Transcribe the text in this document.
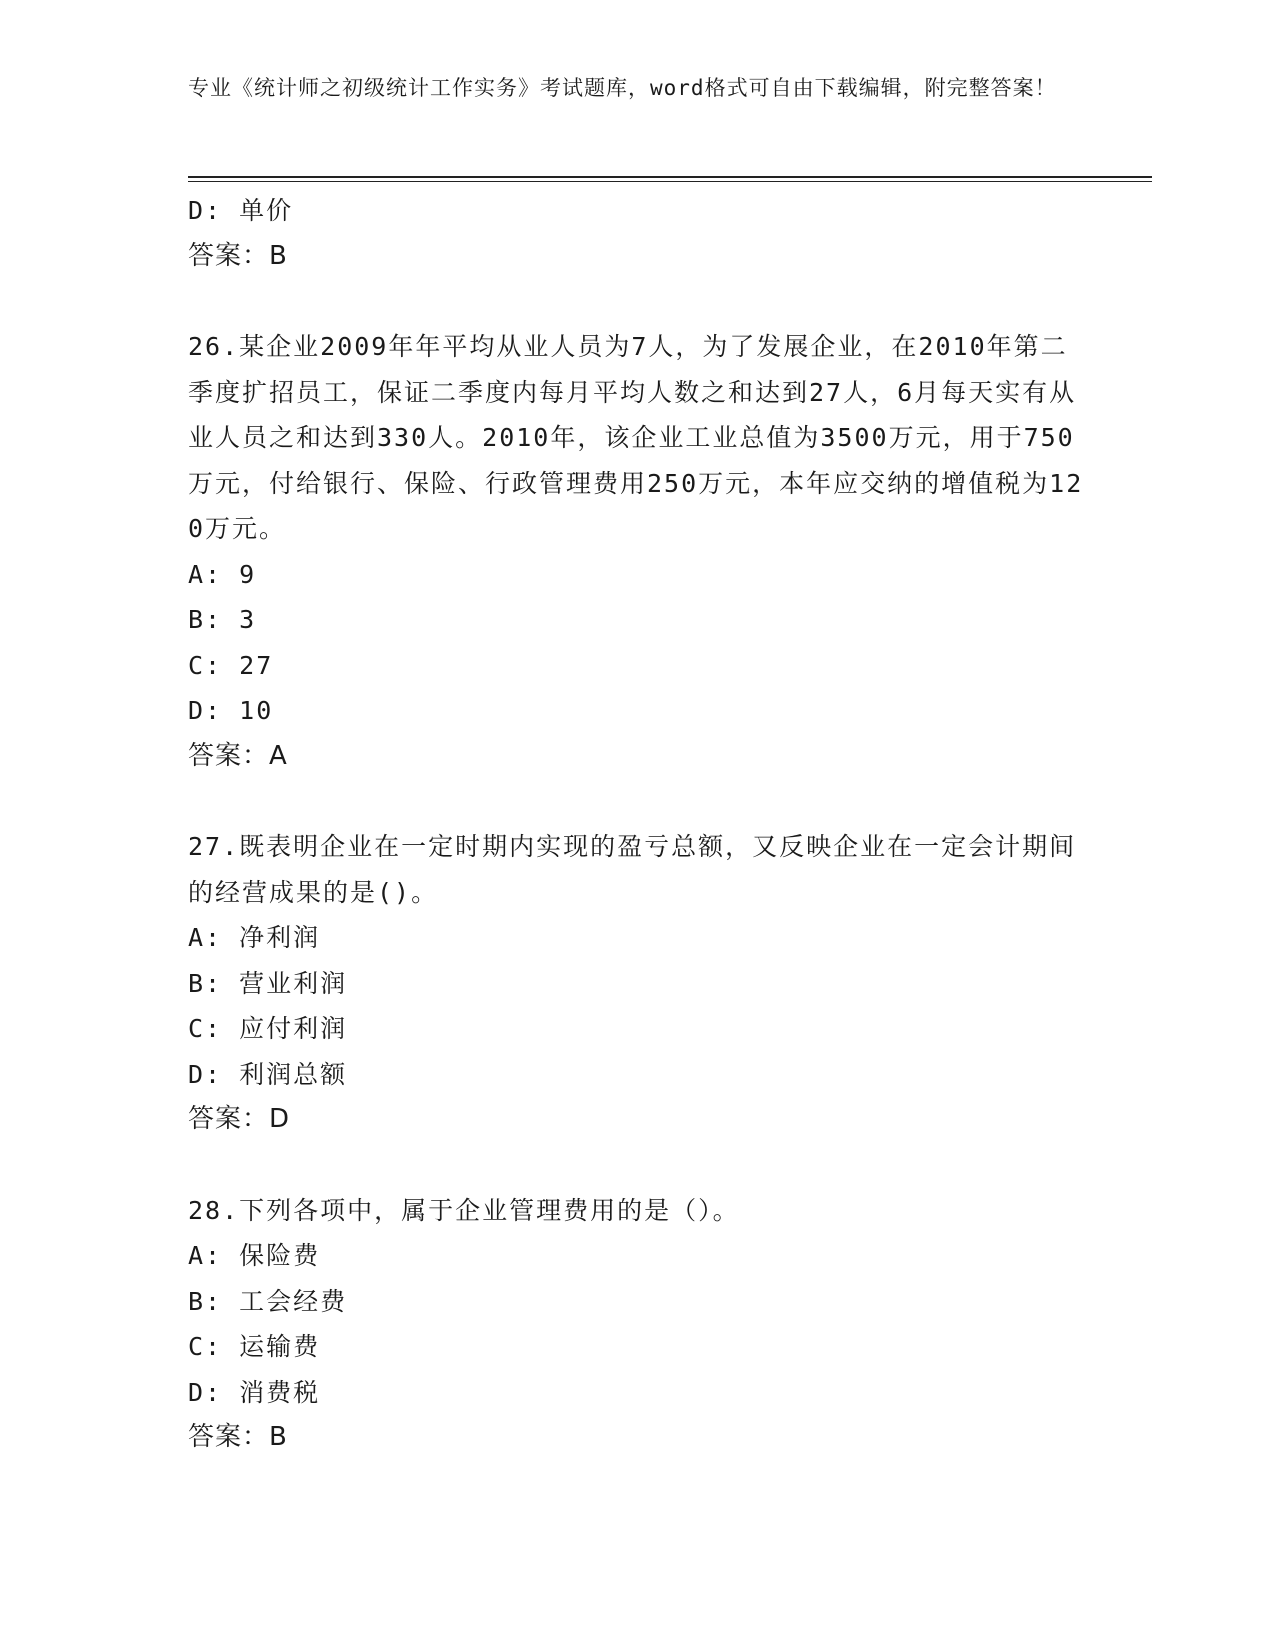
专业《统计师之初级统计工作实务》考试题库，word格式可自由下载编辑，附完整答案！
D: 单价
答案：B
26.某企业2009年年平均从业人员为7人，为了发展企业，在2010年第二季度扩招员工，保证二季度内每月平均人数之和达到27人，6月每天实有从业人员之和达到330人。2010年，该企业工业总值为3500万元，用于750万元，付给银行、保险、行政管理费用250万元，本年应交纳的增值税为120万元。
A: 9
B: 3
C: 27
D: 10
答案：A
27.既表明企业在一定时期内实现的盈亏总额，又反映企业在一定会计期间的经营成果的是()。
A: 净利润
B: 营业利润
C: 应付利润
D: 利润总额
答案：D
28.下列各项中，属于企业管理费用的是（）。
A: 保险费
B: 工会经费
C: 运输费
D: 消费税
答案：B
